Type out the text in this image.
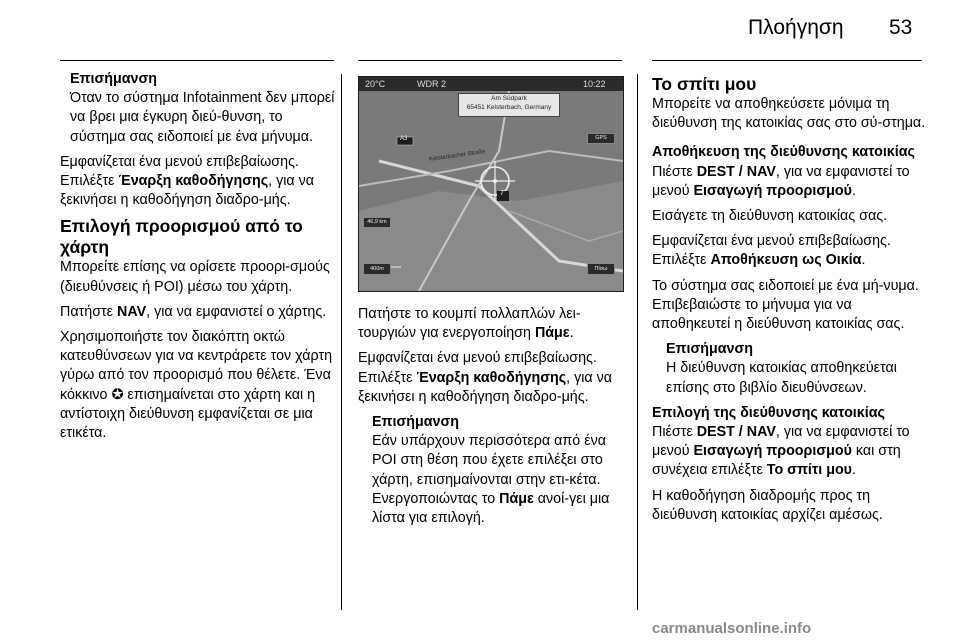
Πλοήγηση 53
Επισήμανση
Όταν το σύστημα Infotainment δεν μπορεί να βρει μια έγκυρη διεύ-θυνση, το σύστημα σας ειδοποιεί με ένα μήνυμα.

Εμφανίζεται ένα μενού επιβεβαίωσης. Επιλέξτε Έναρξη καθοδήγησης, για να ξεκινήσει η καθοδήγηση διαδρο-μής.

Επιλογή προορισμού από το χάρτη

Μπορείτε επίσης να ορίσετε προορι-σμούς (διευθύνσεις ή POI) μέσω του χάρτη.

Πατήστε NAV, για να εμφανιστεί ο χάρτης.

Χρησιμοποιήστε τον διακόπτη οκτώ κατευθύνσεων για να κεντράρετε τον χάρτη γύρω από τον προορισμό που θέλετε. Ένα κόκκινο ✪ επισημαίνεται στο χάρτη και η αντίστοιχη διεύθυνση εμφανίζεται σε μια ετικέτα.

20°C	WDR 2	10:22
7
A3
Kelsterbacher Straße
Am Südpark
65451 Kelsterbach, Germany
GPS
Πίσω
46,9 km
400m

Πατήστε το κουμπί πολλαπλών λει-τουργιών για ενεργοποίηση Πάμε.

Εμφανίζεται ένα μενού επιβεβαίωσης. Επιλέξτε Έναρξη καθοδήγησης, για να ξεκινήσει η καθοδήγηση διαδρο-μής.

Επισήμανση
Εάν υπάρχουν περισσότερα από ένα POI στη θέση που έχετε επιλέξει στο χάρτη, επισημαίνονται στην ετι-κέτα. Ενεργοποιώντας το Πάμε ανοί-γει μια λίστα για επιλογή.
Το σπίτι μου

Μπορείτε να αποθηκεύσετε μόνιμα τη διεύθυνση της κατοικίας σας στο σύ-στημα.

Αποθήκευση της διεύθυνσης κατοικίας

Πιέστε DEST / NAV, για να εμφανιστεί το μενού Εισαγωγή προορισμού.

Εισάγετε τη διεύθυνση κατοικίας σας.

Εμφανίζεται ένα μενού επιβεβαίωσης. Επιλέξτε Αποθήκευση ως Οικία.

Το σύστημα σας ειδοποιεί με ένα μή-νυμα. Επιβεβαιώστε το μήνυμα για να αποθηκευτεί η διεύθυνση κατοικίας σας.

Επισήμανση
Η διεύθυνση κατοικίας αποθηκεύεται επίσης στο βιβλίο διευθύνσεων.
Επιλογή της διεύθυνσης κατοικίας

Πιέστε DEST / NAV, για να εμφανιστεί το μενού Εισαγωγή προορισμού και στη συνέχεια επιλέξτε Το σπίτι μου.

Η καθοδήγηση διαδρομής προς τη διεύθυνση κατοικίας αρχίζει αμέσως.

carmanualsonline.info
